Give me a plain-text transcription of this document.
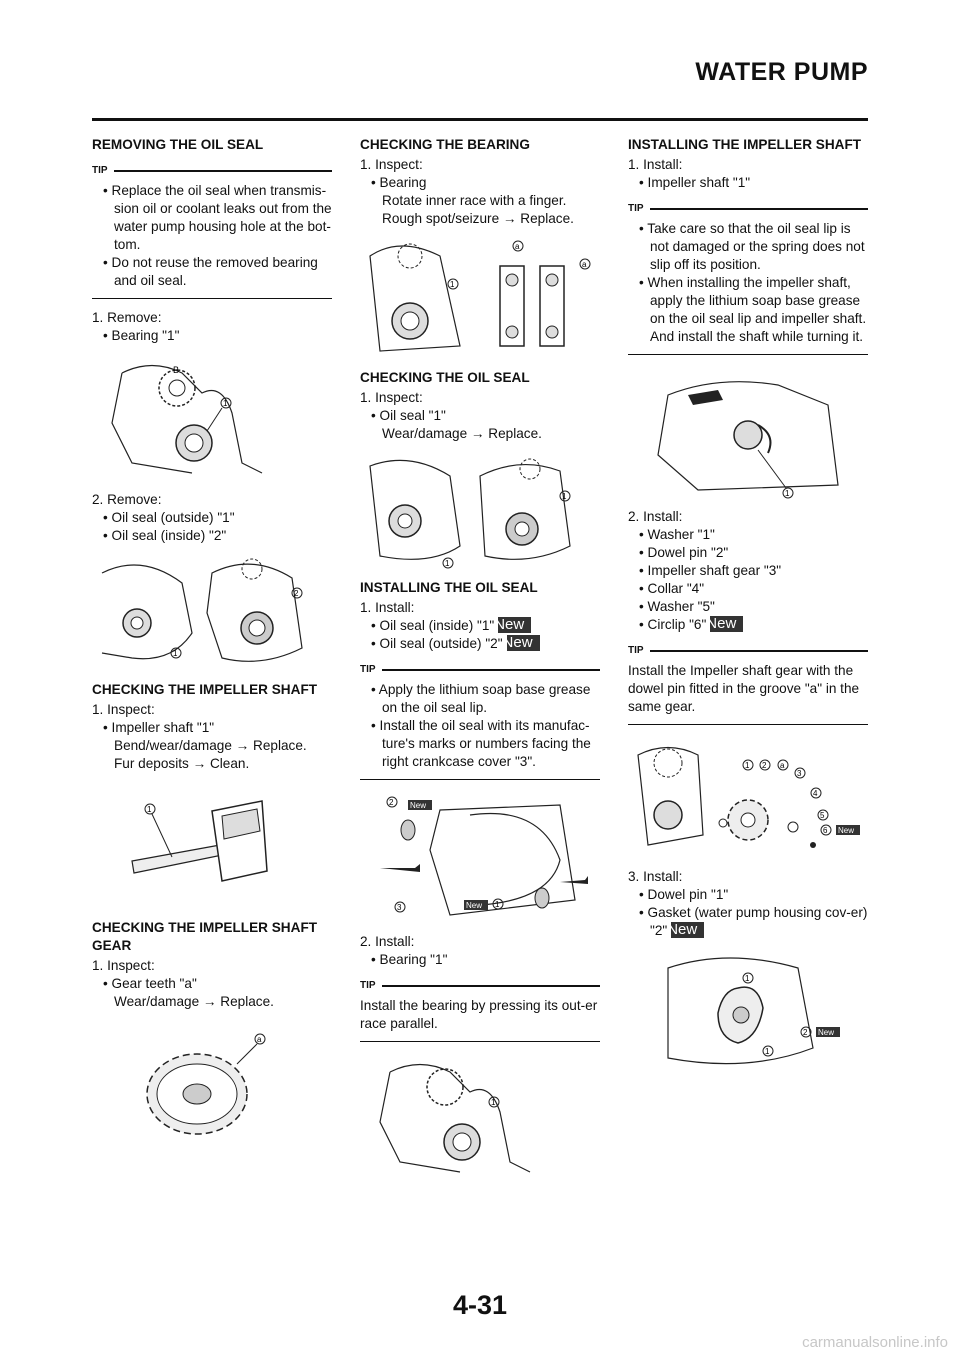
WATER PUMP
REMOVING THE OIL SEAL
TIP

• Replace the oil seal when transmis-sion oil or coolant leaks out from the water pump housing hole at the bot-tom.

• Do not reuse the removed bearing and oil seal.

1. Remove:

• Bearing "1"

1
B

2. Remove:

• Oil seal (outside) "1"

• Oil seal (inside) "2"

1
2
CHECKING THE IMPELLER SHAFT

1. Inspect:

• Impeller shaft "1"

Bend/wear/damage → Replace.

Fur deposits → Clean.

1
CHECKING THE IMPELLER SHAFT GEAR

1. Inspect:

• Gear teeth "a"

Wear/damage → Replace.

a
CHECKING THE BEARING

1. Inspect:

• Bearing

Rotate inner race with a finger.

Rough spot/seizure → Replace.

1
a
a
CHECKING THE OIL SEAL

1. Inspect:

• Oil seal "1"

Wear/damage → Replace.

1
1
INSTALLING THE OIL SEAL

1. Install:

• Oil seal (inside) "1"New

• Oil seal (outside) "2"New

TIP

• Apply the lithium soap base grease on the oil seal lip.

• Install the oil seal with its manufac-ture's marks or numbers facing the right crankcase cover "3".

New
2
New 1
3

2. Install:

• Bearing "1"

TIP

Install the bearing by pressing its out-er race parallel.

1
INSTALLING THE IMPELLER SHAFT

1. Install:

• Impeller shaft "1"

TIP

• Take care so that the oil seal lip is not damaged or the spring does not slip off its position.

• When installing the impeller shaft, apply the lithium soap base grease on the oil seal lip and impeller shaft. And install the shaft while turning it.

1

2. Install:

• Washer "1"

• Dowel pin "2"

• Impeller shaft gear "3"

• Collar "4"

• Washer "5"

• Circlip "6"New

TIP

Install the Impeller shaft gear with the dowel pin fitted in the groove "a" in the same gear.

1 2 a
3
4
5
6 New

3. Install:

• Dowel pin "1"

• Gasket (water pump housing cov-er) "2"New

1
1
2 New
4-31
carmanualsonline.info
